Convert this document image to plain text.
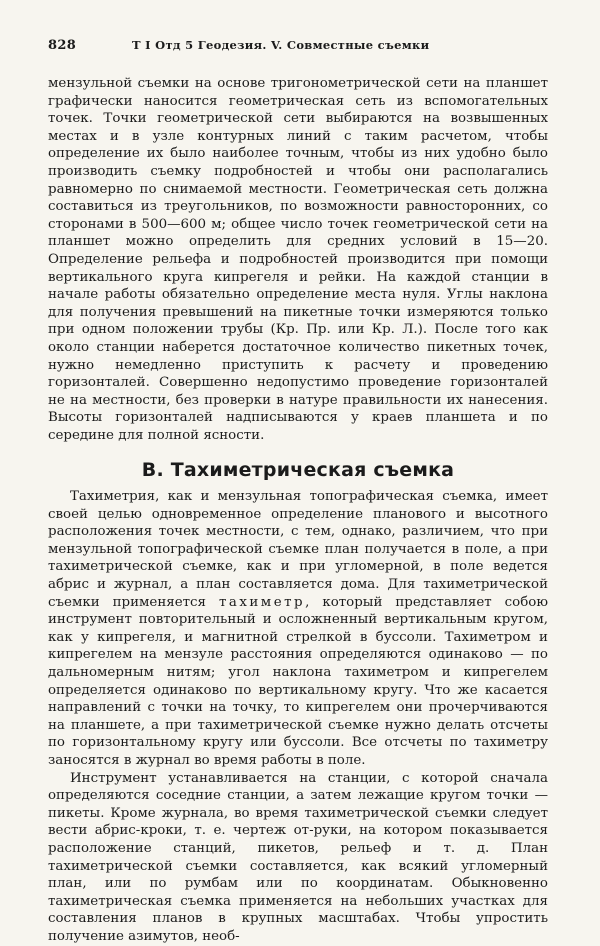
828	Т I Отд 5 Геодезия. V. Совместные съемки

мензульной съемки на основе тригонометрической сети на планшет графически наносится геометрическая сеть из вспомогательных точек. Точки геометрической сети выбираются на возвышенных местах и в узле контурных линий с таким расчетом, чтобы определение их было наиболее точным, чтобы из них удобно было производить съемку подробностей и чтобы они располагались равномерно по снимаемой местности. Геометрическая сеть должна составиться из треугольников, по возможности равносторонних, со сторонами в 500—600 м; общее число точек геометрической сети на планшет можно определить для средних условий в 15—20. Определение рельефа и подробностей производится при помощи вертикального круга кипрегеля и рейки. На каждой станции в начале работы обязательно определение места нуля. Углы наклона для получения превышений на пикетные точки измеряются только при одном положении трубы (Кр. Пр. или Кр. Л.). После того как около станции наберется достаточное количество пикетных точек, нужно немедленно приступить к расчету и проведению горизонталей. Совершенно недопустимо проведение горизонталей не на местности, без проверки в натуре правильности их нанесения. Высоты горизонталей надписываются у краев планшета и по середине для полной ясности.

В. Тахиметрическая съемка

Тахиметрия, как и мензульная топографическая съемка, имеет своей целью одновременное определение планового и высотного расположения точек местности, с тем, однако, различием, что при мензульной топографической съемке план получается в поле, а при тахиметрической съемке, как и при угломерной, в поле ведется абрис и журнал, а план составляется дома. Для тахиметрической съемки применяется тахиметр, который представляет собою инструмент повторительный и осложненный вертикальным кругом, как у кипрегеля, и магнитной стрелкой в буссоли. Тахиметром и кипрегелем на мензуле расстояния определяются одинаково — по дальномерным нитям; угол наклона тахиметром и кипрегелем определяется одинаково по вертикальному кругу. Что же касается направлений с точки на точку, то кипрегелем они прочерчиваются на планшете, а при тахиметрической съемке нужно делать отсчеты по горизонтальному кругу или буссоли. Все отсчеты по тахиметру заносятся в журнал во время работы в поле.

Инструмент устанавливается на станции, с которой сначала определяются соседние станции, а затем лежащие кругом точки — пикеты. Кроме журнала, во время тахиметрической съемки следует вести абрис-кроки, т. е. чертеж от-руки, на котором показывается расположение станций, пикетов, рельеф и т. д. План тахиметрической съемки составляется, как всякий угломерный план, или по румбам или по координатам. Обыкновенно тахиметрическая съемка применяется на небольших участках для составления планов в крупных масштабах. Чтобы упростить получение азимутов, необ-
